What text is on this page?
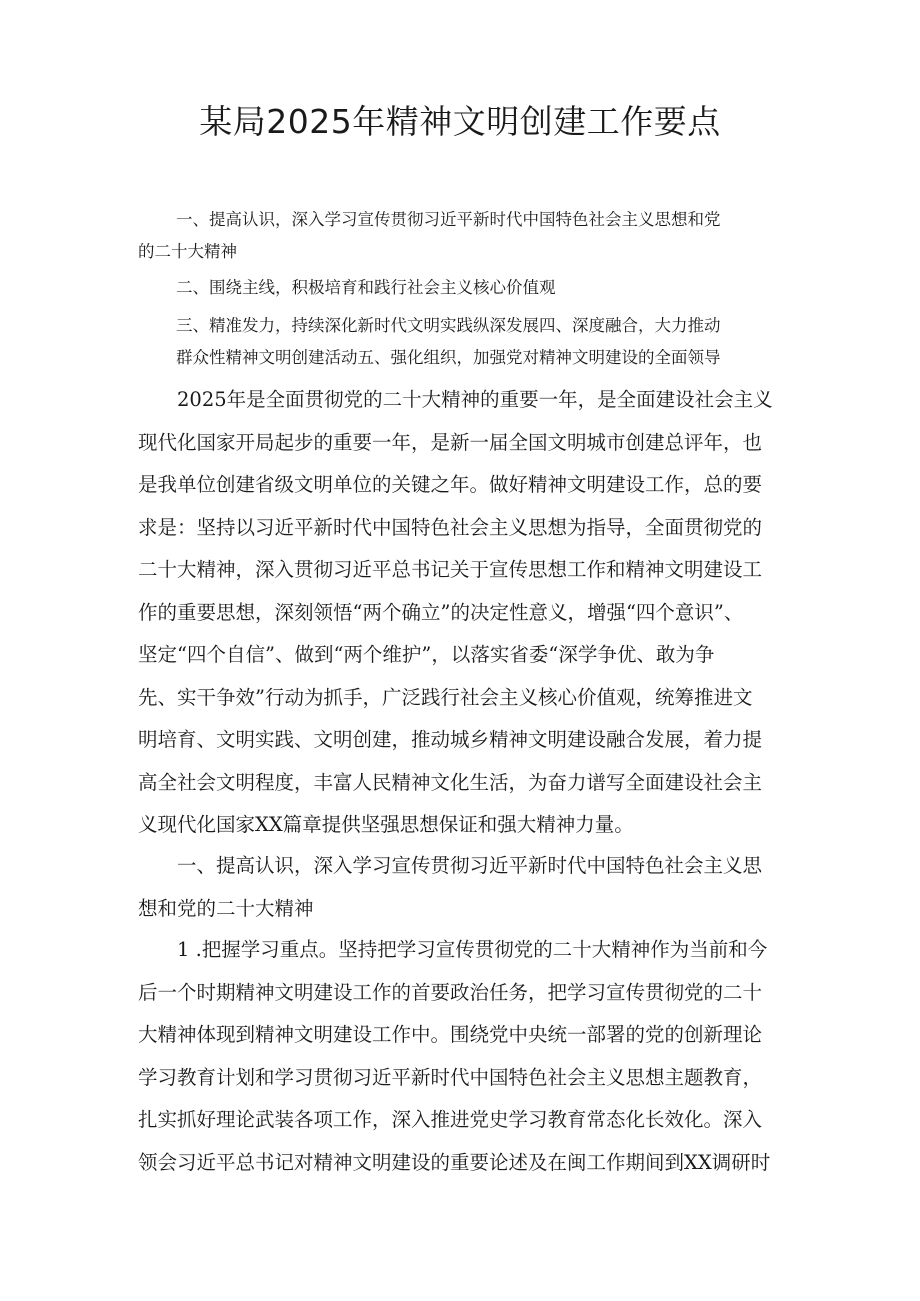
某局2025年精神文明创建工作要点
一、提高认识，深入学习宣传贯彻习近平新时代中国特色社会主义思想和党
的二十大精神
二、围绕主线，积极培育和践行社会主义核心价值观
三、精准发力，持续深化新时代文明实践纵深发展四、深度融合，大力推动
群众性精神文明创建活动五、强化组织，加强党对精神文明建设的全面领导
2025年是全面贯彻党的二十大精神的重要一年，是全面建设社会主义
现代化国家开局起步的重要一年，是新一届全国文明城市创建总评年，也
是我单位创建省级文明单位的关键之年。做好精神文明建设工作，总的要
求是：坚持以习近平新时代中国特色社会主义思想为指导，全面贯彻党的
二十大精神，深入贯彻习近平总书记关于宣传思想工作和精神文明建设工
作的重要思想，深刻领悟“两个确立”的决定性意义，增强“四个意识”、
坚定“四个自信”、做到“两个维护”，以落实省委“深学争优、敢为争
先、实干争效”行动为抓手，广泛践行社会主义核心价值观，统筹推进文
明培育、文明实践、文明创建，推动城乡精神文明建设融合发展，着力提
高全社会文明程度，丰富人民精神文化生活，为奋力谱写全面建设社会主
义现代化国家XX篇章提供坚强思想保证和强大精神力量。
一、提高认识，深入学习宣传贯彻习近平新时代中国特色社会主义思
想和党的二十大精神
1 .把握学习重点。坚持把学习宣传贯彻党的二十大精神作为当前和今
后一个时期精神文明建设工作的首要政治任务，把学习宣传贯彻党的二十
大精神体现到精神文明建设工作中。围绕党中央统一部署的党的创新理论
学习教育计划和学习贯彻习近平新时代中国特色社会主义思想主题教育，
扎实抓好理论武装各项工作，深入推进党史学习教育常态化长效化。深入
领会习近平总书记对精神文明建设的重要论述及在闽工作期间到XX调研时
